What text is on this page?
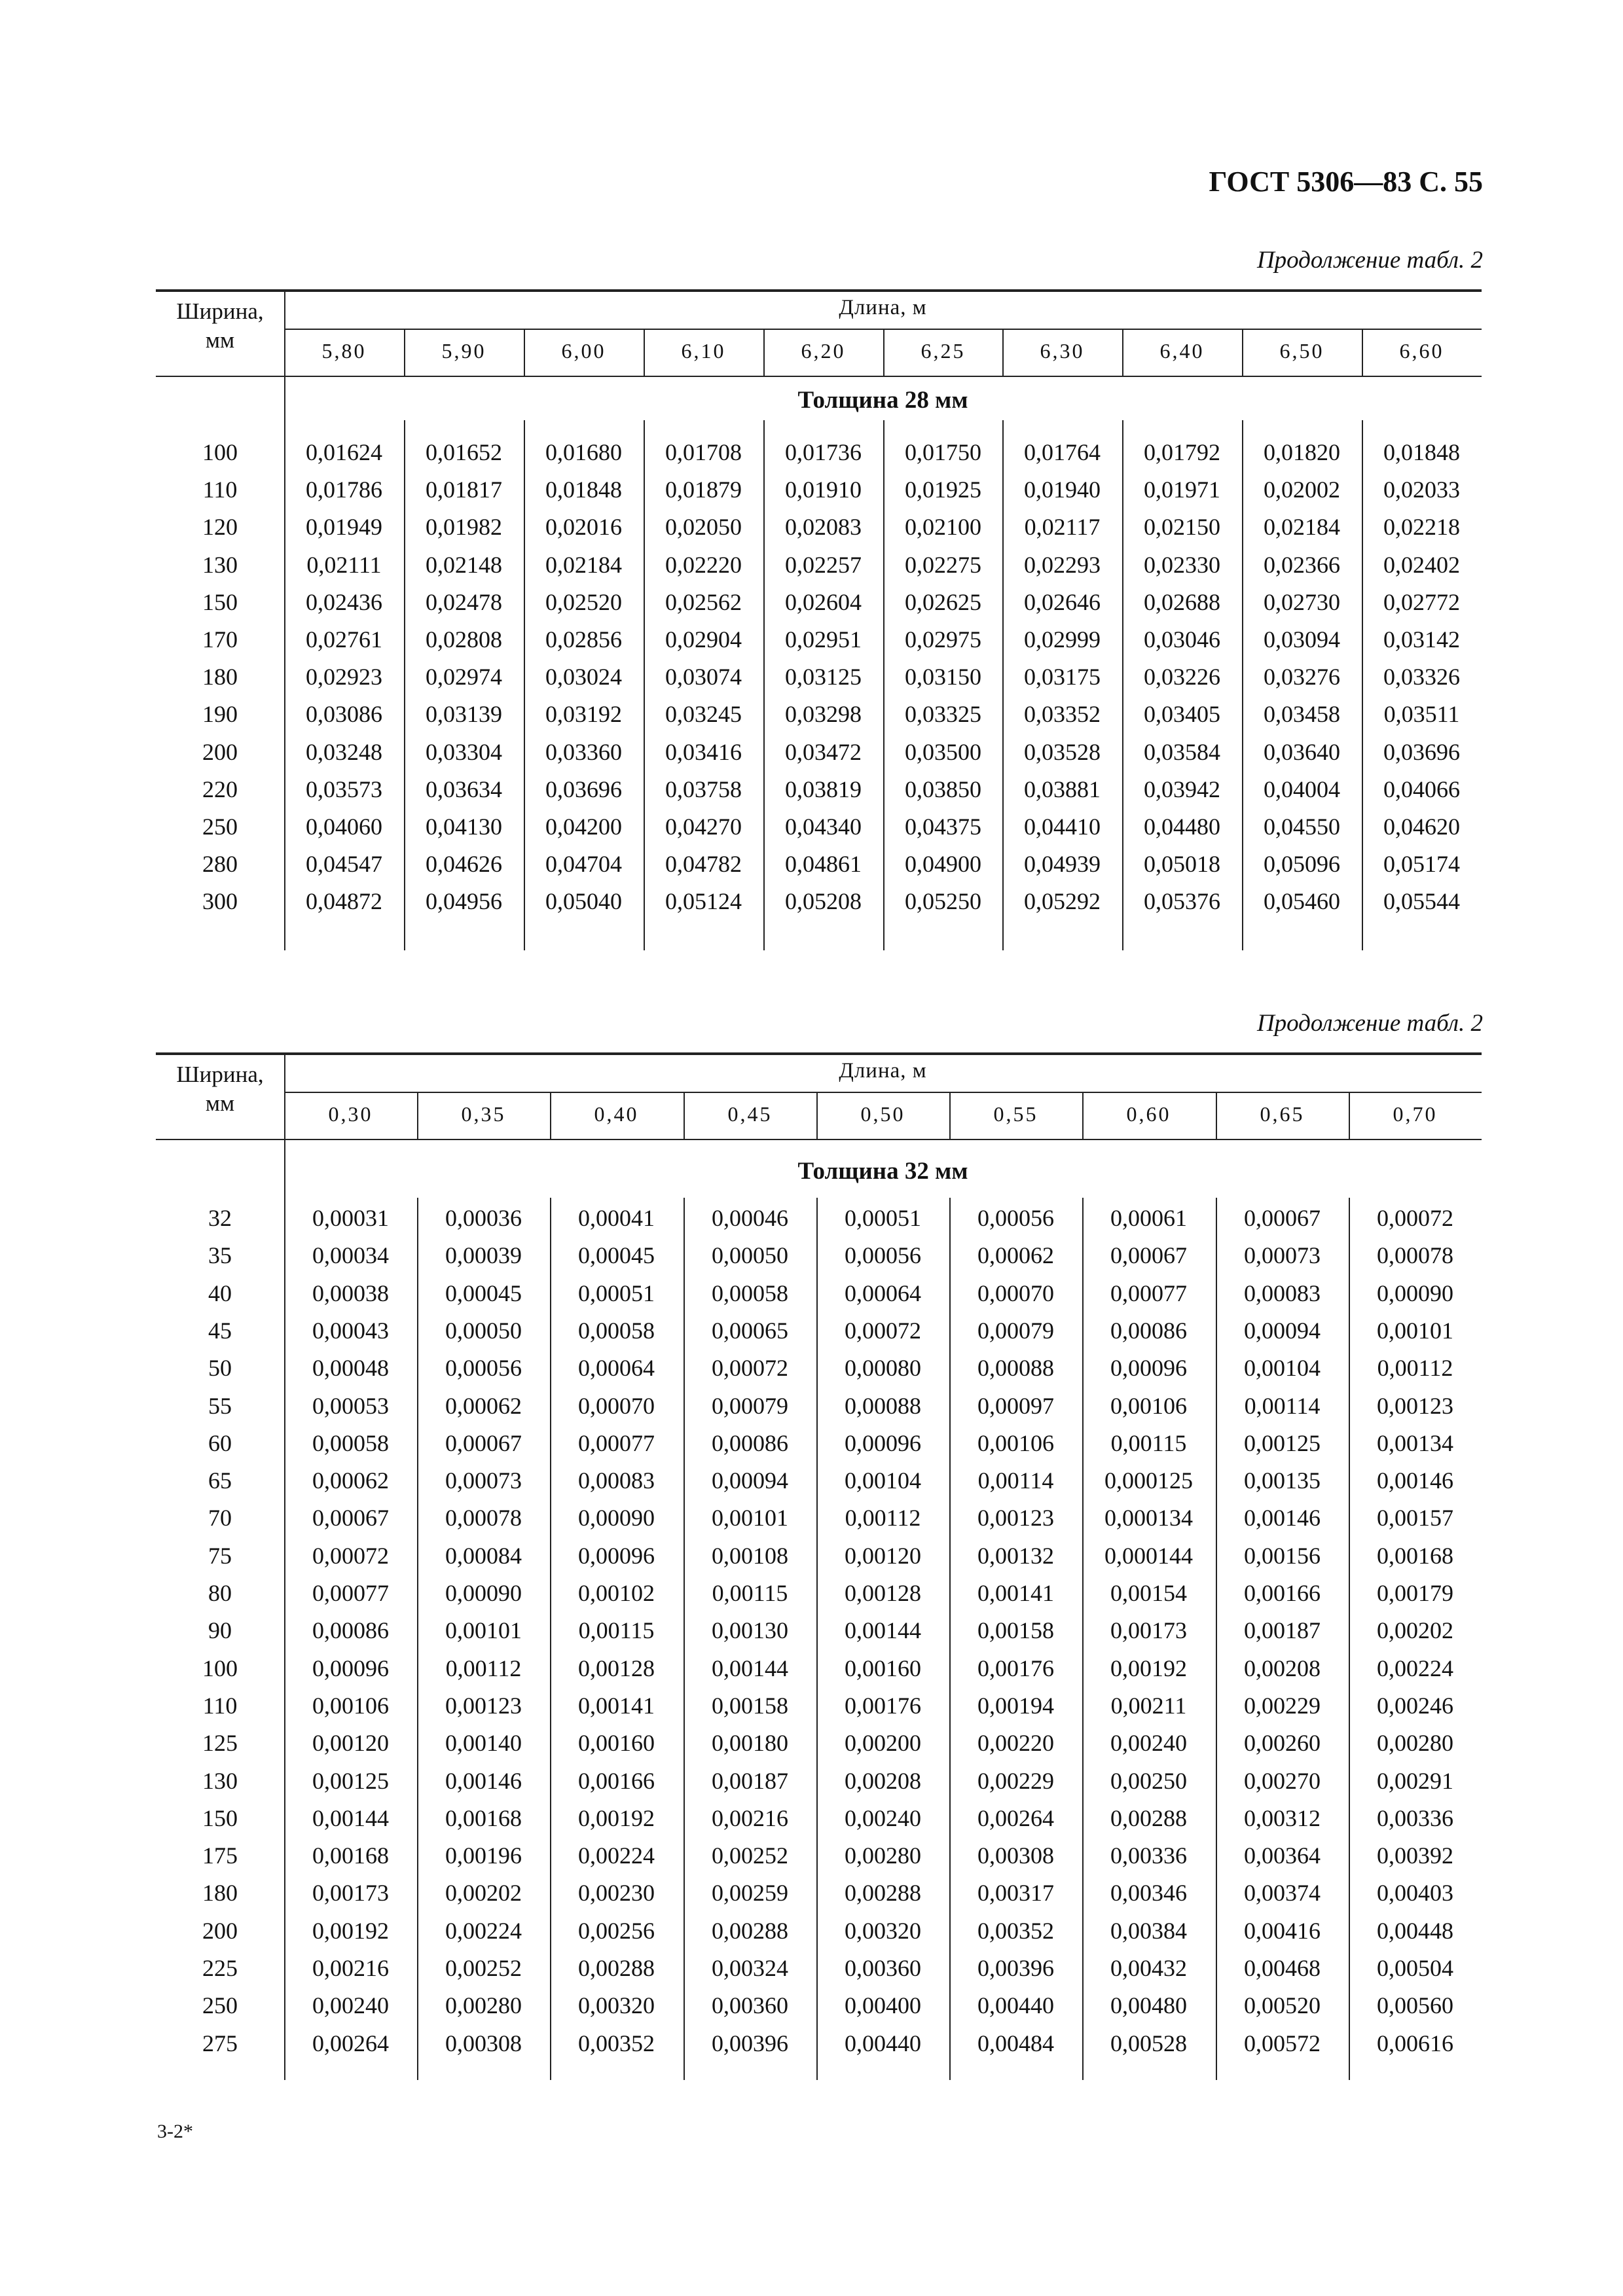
ГОСТ 5306—83 С. 55
Продолжение табл. 2
Ширина,
мм
Длина, м
5,80	5,90	6,00	6,10	6,20	6,25	6,30	6,40	6,50	6,60
Толщина 28 мм
100	0,01624	0,01652	0,01680	0,01708	0,01736	0,01750	0,01764	0,01792	0,01820	0,01848
110	0,01786	0,01817	0,01848	0,01879	0,01910	0,01925	0,01940	0,01971	0,02002	0,02033
120	0,01949	0,01982	0,02016	0,02050	0,02083	0,02100	0,02117	0,02150	0,02184	0,02218
130	0,02111	0,02148	0,02184	0,02220	0,02257	0,02275	0,02293	0,02330	0,02366	0,02402
150	0,02436	0,02478	0,02520	0,02562	0,02604	0,02625	0,02646	0,02688	0,02730	0,02772
170	0,02761	0,02808	0,02856	0,02904	0,02951	0,02975	0,02999	0,03046	0,03094	0,03142
180	0,02923	0,02974	0,03024	0,03074	0,03125	0,03150	0,03175	0,03226	0,03276	0,03326
190	0,03086	0,03139	0,03192	0,03245	0,03298	0,03325	0,03352	0,03405	0,03458	0,03511
200	0,03248	0,03304	0,03360	0,03416	0,03472	0,03500	0,03528	0,03584	0,03640	0,03696
220	0,03573	0,03634	0,03696	0,03758	0,03819	0,03850	0,03881	0,03942	0,04004	0,04066
250	0,04060	0,04130	0,04200	0,04270	0,04340	0,04375	0,04410	0,04480	0,04550	0,04620
280	0,04547	0,04626	0,04704	0,04782	0,04861	0,04900	0,04939	0,05018	0,05096	0,05174
300	0,04872	0,04956	0,05040	0,05124	0,05208	0,05250	0,05292	0,05376	0,05460	0,05544
Продолжение табл. 2
Ширина,
мм
Длина, м
0,30	0,35	0,40	0,45	0,50	0,55	0,60	0,65	0,70
Толщина 32 мм
32	0,00031	0,00036	0,00041	0,00046	0,00051	0,00056	0,00061	0,00067	0,00072
35	0,00034	0,00039	0,00045	0,00050	0,00056	0,00062	0,00067	0,00073	0,00078
40	0,00038	0,00045	0,00051	0,00058	0,00064	0,00070	0,00077	0,00083	0,00090
45	0,00043	0,00050	0,00058	0,00065	0,00072	0,00079	0,00086	0,00094	0,00101
50	0,00048	0,00056	0,00064	0,00072	0,00080	0,00088	0,00096	0,00104	0,00112
55	0,00053	0,00062	0,00070	0,00079	0,00088	0,00097	0,00106	0,00114	0,00123
60	0,00058	0,00067	0,00077	0,00086	0,00096	0,00106	0,00115	0,00125	0,00134
65	0,00062	0,00073	0,00083	0,00094	0,00104	0,00114	0,000125	0,00135	0,00146
70	0,00067	0,00078	0,00090	0,00101	0,00112	0,00123	0,000134	0,00146	0,00157
75	0,00072	0,00084	0,00096	0,00108	0,00120	0,00132	0,000144	0,00156	0,00168
80	0,00077	0,00090	0,00102	0,00115	0,00128	0,00141	0,00154	0,00166	0,00179
90	0,00086	0,00101	0,00115	0,00130	0,00144	0,00158	0,00173	0,00187	0,00202
100	0,00096	0,00112	0,00128	0,00144	0,00160	0,00176	0,00192	0,00208	0,00224
110	0,00106	0,00123	0,00141	0,00158	0,00176	0,00194	0,00211	0,00229	0,00246
125	0,00120	0,00140	0,00160	0,00180	0,00200	0,00220	0,00240	0,00260	0,00280
130	0,00125	0,00146	0,00166	0,00187	0,00208	0,00229	0,00250	0,00270	0,00291
150	0,00144	0,00168	0,00192	0,00216	0,00240	0,00264	0,00288	0,00312	0,00336
175	0,00168	0,00196	0,00224	0,00252	0,00280	0,00308	0,00336	0,00364	0,00392
180	0,00173	0,00202	0,00230	0,00259	0,00288	0,00317	0,00346	0,00374	0,00403
200	0,00192	0,00224	0,00256	0,00288	0,00320	0,00352	0,00384	0,00416	0,00448
225	0,00216	0,00252	0,00288	0,00324	0,00360	0,00396	0,00432	0,00468	0,00504
250	0,00240	0,00280	0,00320	0,00360	0,00400	0,00440	0,00480	0,00520	0,00560
275	0,00264	0,00308	0,00352	0,00396	0,00440	0,00484	0,00528	0,00572	0,00616
3-2*
